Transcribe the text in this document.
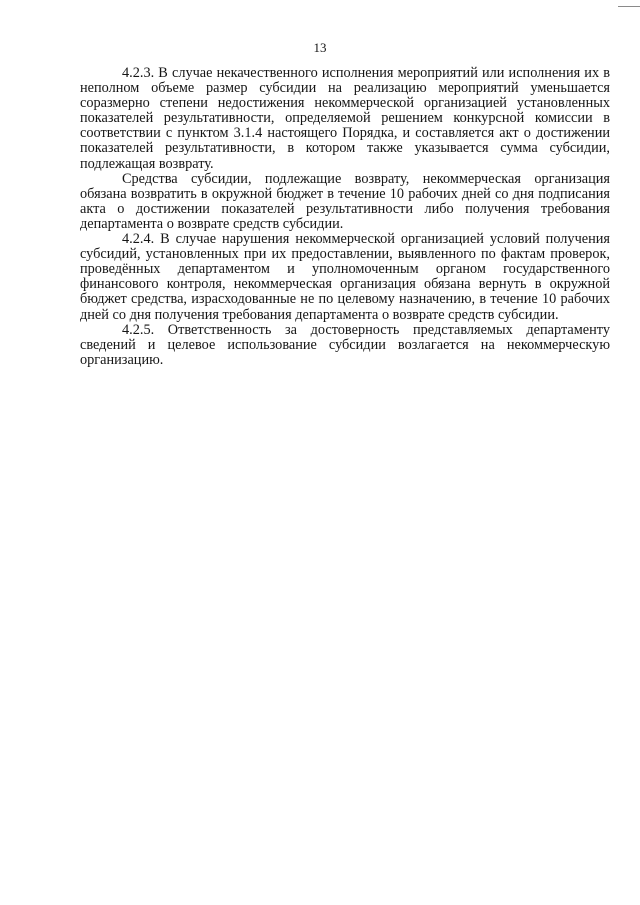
13

4.2.3. В случае некачественного исполнения мероприятий или исполнения их в неполном объеме размер субсидии на реализацию мероприятий уменьшается соразмерно степени недостижения некоммерческой организацией установленных показателей результативности, определяемой решением конкурсной комиссии в соответствии с пунктом 3.1.4 настоящего Порядка, и составляется акт о достижении показателей результативности, в котором также указывается сумма субсидии, подлежащая возврату.

Средства субсидии, подлежащие возврату, некоммерческая организация обязана возвратить в окружной бюджет в течение 10 рабочих дней со дня подписания акта о достижении показателей результативности либо получения требования департамента о возврате средств субсидии.

4.2.4. В случае нарушения некоммерческой организацией условий получения субсидий, установленных при их предоставлении, выявленного по фактам проверок, проведённых департаментом и уполномоченным органом государственного финансового контроля, некоммерческая организация обязана вернуть в окружной бюджет средства, израсходованные не по целевому назначению, в течение 10 рабочих дней со дня получения требования департамента о возврате средств субсидии.

4.2.5. Ответственность за достоверность представляемых департаменту сведений и целевое использование субсидии возлагается на некоммерческую организацию.
